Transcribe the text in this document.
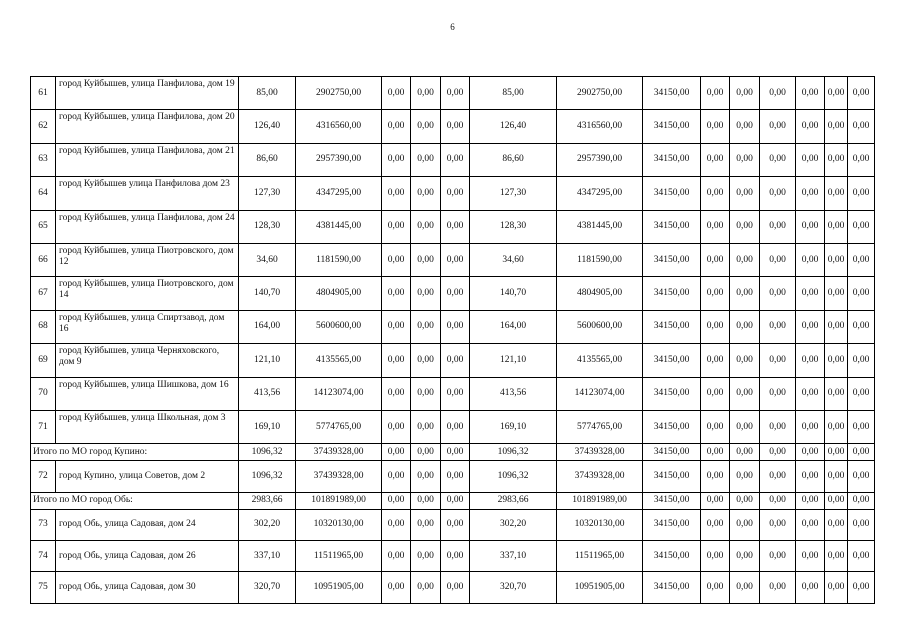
6
61	город Куйбышев, улица Панфилова, дом 19	85,00	2902750,00	0,00	0,00	0,00	85,00	2902750,00	34150,00	0,00	0,00	0,00	0,00	0,00	0,00
62	город Куйбышев, улица Панфилова, дом 20	126,40	4316560,00	0,00	0,00	0,00	126,40	4316560,00	34150,00	0,00	0,00	0,00	0,00	0,00	0,00
63	город Куйбышев, улица Панфилова, дом 21	86,60	2957390,00	0,00	0,00	0,00	86,60	2957390,00	34150,00	0,00	0,00	0,00	0,00	0,00	0,00
64	город Куйбышев улица Панфилова дом 23	127,30	4347295,00	0,00	0,00	0,00	127,30	4347295,00	34150,00	0,00	0,00	0,00	0,00	0,00	0,00
65	город Куйбышев, улица Панфилова, дом 24	128,30	4381445,00	0,00	0,00	0,00	128,30	4381445,00	34150,00	0,00	0,00	0,00	0,00	0,00	0,00
66	город Куйбышев, улица Пиотровского, дом 12	34,60	1181590,00	0,00	0,00	0,00	34,60	1181590,00	34150,00	0,00	0,00	0,00	0,00	0,00	0,00
67	город Куйбышев, улица Пиотровского, дом 14	140,70	4804905,00	0,00	0,00	0,00	140,70	4804905,00	34150,00	0,00	0,00	0,00	0,00	0,00	0,00
68	город Куйбышев, улица Спиртзавод, дом 16	164,00	5600600,00	0,00	0,00	0,00	164,00	5600600,00	34150,00	0,00	0,00	0,00	0,00	0,00	0,00
69	город Куйбышев, улица Черняховского, дом 9	121,10	4135565,00	0,00	0,00	0,00	121,10	4135565,00	34150,00	0,00	0,00	0,00	0,00	0,00	0,00
70	город Куйбышев, улица Шишкова, дом 16	413,56	14123074,00	0,00	0,00	0,00	413,56	14123074,00	34150,00	0,00	0,00	0,00	0,00	0,00	0,00
71	город Куйбышев, улица Школьная, дом 3	169,10	5774765,00	0,00	0,00	0,00	169,10	5774765,00	34150,00	0,00	0,00	0,00	0,00	0,00	0,00
Итого по МО город Купино:		1096,32	37439328,00	0,00	0,00	0,00	1096,32	37439328,00	34150,00	0,00	0,00	0,00	0,00	0,00	0,00
72	город Купино, улица Советов, дом 2	1096,32	37439328,00	0,00	0,00	0,00	1096,32	37439328,00	34150,00	0,00	0,00	0,00	0,00	0,00	0,00
Итого по МО город Обь:		2983,66	101891989,00	0,00	0,00	0,00	2983,66	101891989,00	34150,00	0,00	0,00	0,00	0,00	0,00	0,00
73	город Обь, улица Садовая, дом 24	302,20	10320130,00	0,00	0,00	0,00	302,20	10320130,00	34150,00	0,00	0,00	0,00	0,00	0,00	0,00
74	город Обь, улица Садовая, дом 26	337,10	11511965,00	0,00	0,00	0,00	337,10	11511965,00	34150,00	0,00	0,00	0,00	0,00	0,00	0,00
75	город Обь, улица Садовая, дом 30	320,70	10951905,00	0,00	0,00	0,00	320,70	10951905,00	34150,00	0,00	0,00	0,00	0,00	0,00	0,00
